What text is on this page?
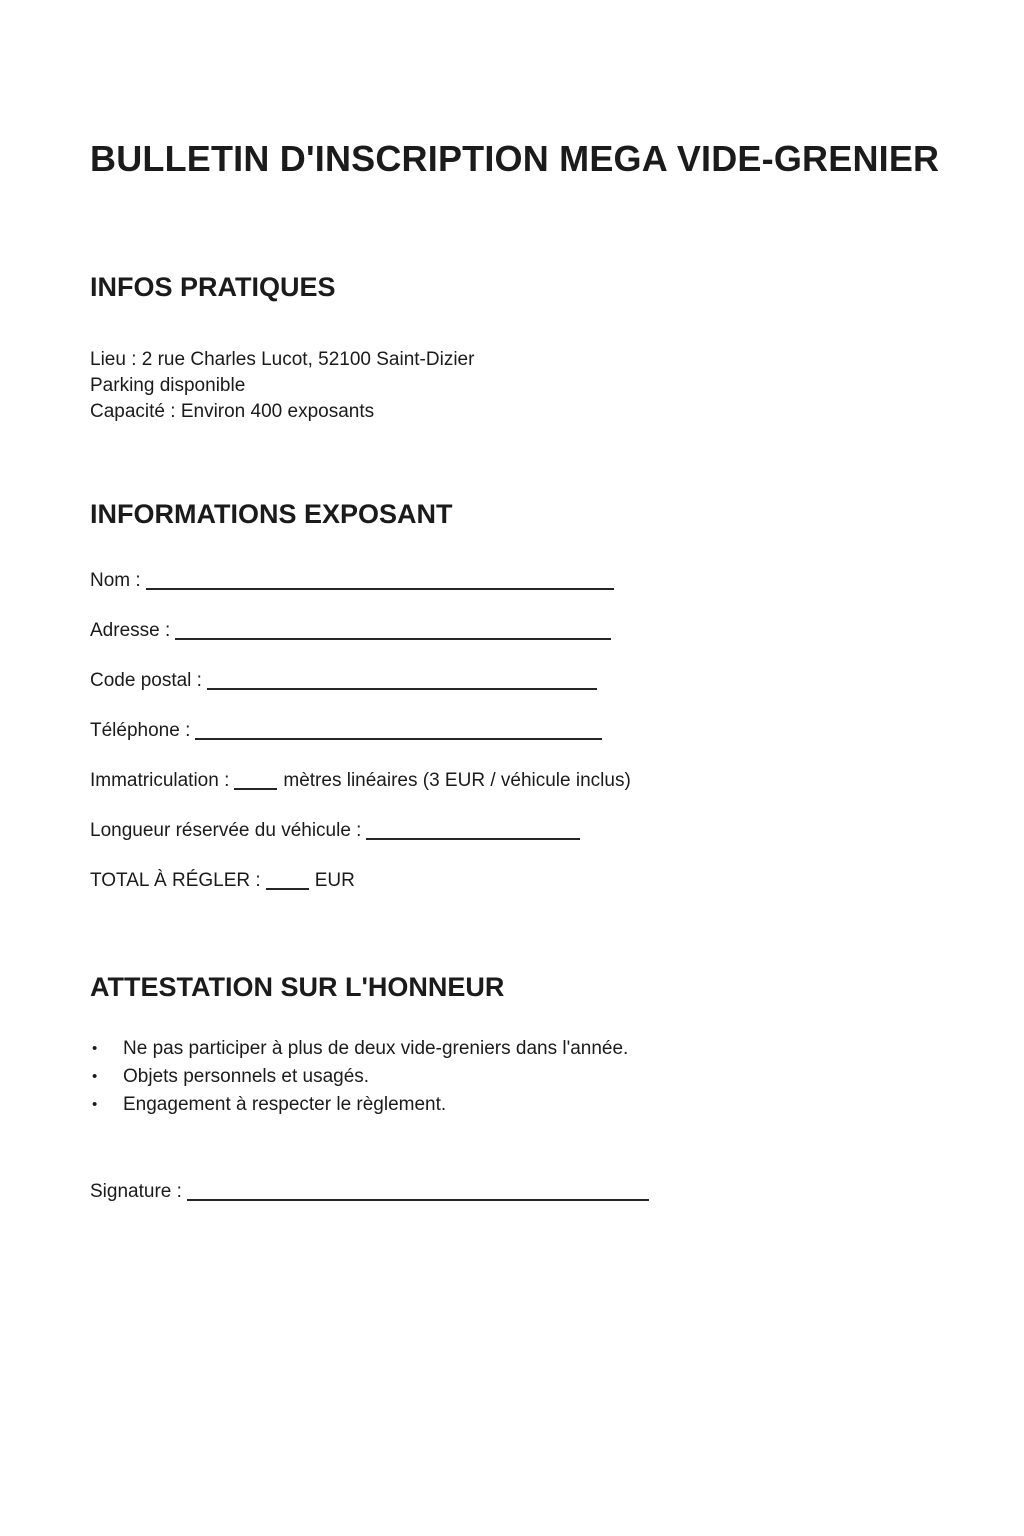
BULLETIN D'INSCRIPTION MEGA VIDE-GRENIER
INFOS PRATIQUES

Lieu : 2 rue Charles Lucot, 52100 Saint-Dizier

Parking disponible

Capacité : Environ 400 exposants

INFORMATIONS EXPOSANT
Nom :
Adresse :
Code postal :
Téléphone :
Immatriculation :	mètres linéaires (3 EUR / véhicule inclus)
Longueur réservée du véhicule :
TOTAL À RÉGLER :	EUR
ATTESTATION SUR L'HONNEUR
• Ne pas participer à plus de deux vide-greniers dans l'année.
• Objets personnels et usagés.
• Engagement à respecter le règlement.
Signature :
